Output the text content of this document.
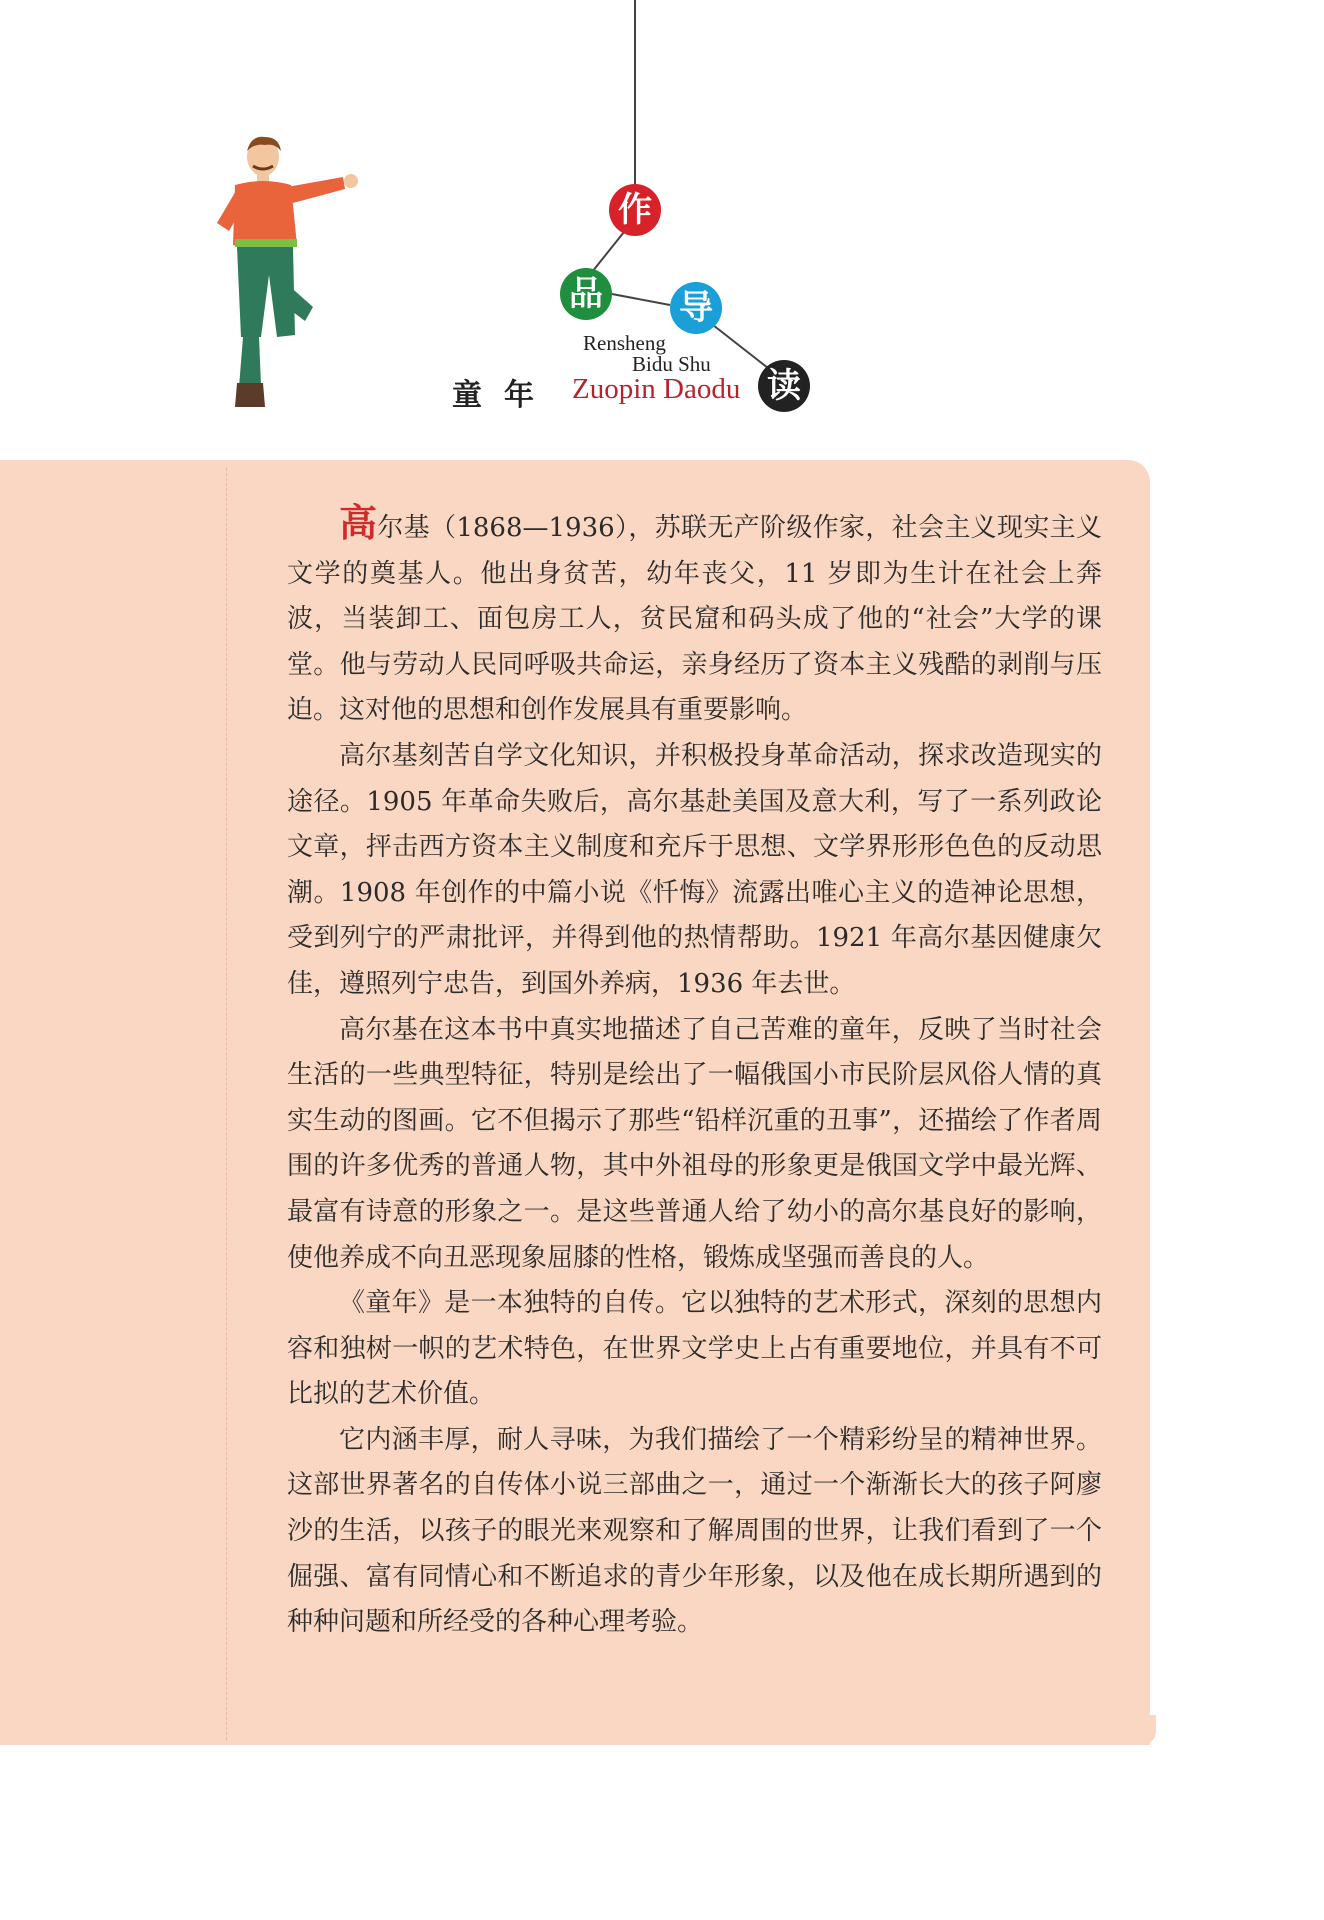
作
品 导
读
Rensheng
Bidu Shu
童年 Zuopin Daodu

高尔基（1868—1936），苏联无产阶级作家，社会主义现实主义文学的奠基人。他出身贫苦，幼年丧父，11 岁即为生计在社会上奔波，当装卸工、面包房工人，贫民窟和码头成了他的“社会”大学的课堂。他与劳动人民同呼吸共命运，亲身经历了资本主义残酷的剥削与压迫。这对他的思想和创作发展具有重要影响。

高尔基刻苦自学文化知识，并积极投身革命活动，探求改造现实的途径。1905 年革命失败后，高尔基赴美国及意大利，写了一系列政论文章，抨击西方资本主义制度和充斥于思想、文学界形形色色的反动思潮。1908 年创作的中篇小说《忏悔》流露出唯心主义的造神论思想，受到列宁的严肃批评，并得到他的热情帮助。1921 年高尔基因健康欠佳，遵照列宁忠告，到国外养病，1936 年去世。

高尔基在这本书中真实地描述了自己苦难的童年，反映了当时社会生活的一些典型特征，特别是绘出了一幅俄国小市民阶层风俗人情的真实生动的图画。它不但揭示了那些“铅样沉重的丑事”，还描绘了作者周围的许多优秀的普通人物，其中外祖母的形象更是俄国文学中最光辉、最富有诗意的形象之一。是这些普通人给了幼小的高尔基良好的影响，使他养成不向丑恶现象屈膝的性格，锻炼成坚强而善良的人。

《童年》是一本独特的自传。它以独特的艺术形式，深刻的思想内容和独树一帜的艺术特色，在世界文学史上占有重要地位，并具有不可比拟的艺术价值。

它内涵丰厚，耐人寻味，为我们描绘了一个精彩纷呈的精神世界。这部世界著名的自传体小说三部曲之一，通过一个渐渐长大的孩子阿廖沙的生活，以孩子的眼光来观察和了解周围的世界，让我们看到了一个倔强、富有同情心和不断追求的青少年形象，以及他在成长期所遇到的种种问题和所经受的各种心理考验。
